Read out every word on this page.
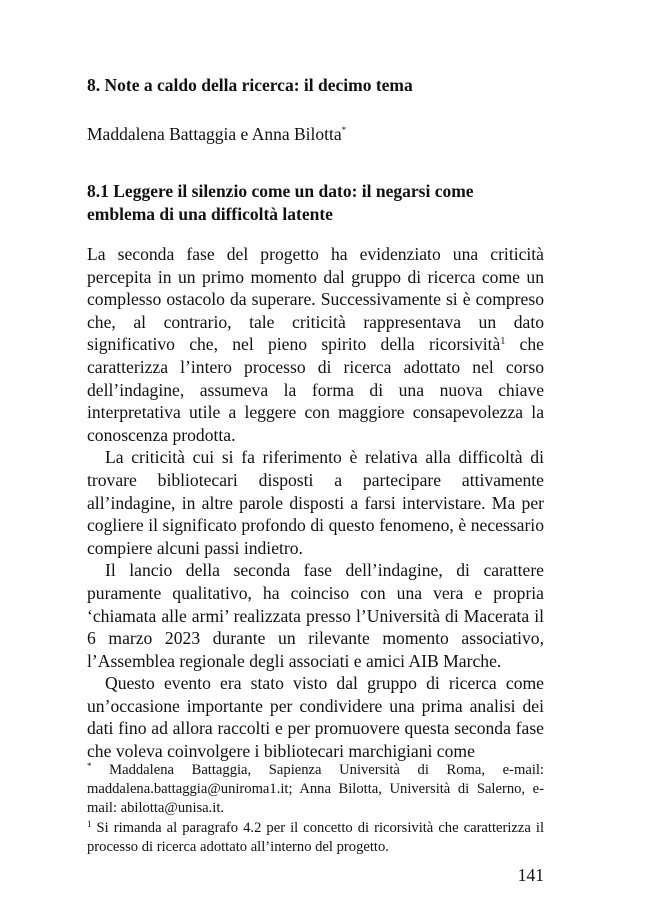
8. Note a caldo della ricerca: il decimo tema

Maddalena Battaggia e Anna Bilotta*

8.1 Leggere il silenzio come un dato: il negarsi come emblema di una difficoltà latente

La seconda fase del progetto ha evidenziato una criticità percepita in un primo momento dal gruppo di ricerca come un complesso ostacolo da superare. Successivamente si è compreso che, al contrario, tale criticità rappresentava un dato significativo che, nel pieno spirito della ricorsività$^1$ che caratterizza l’intero processo di ricerca adottato nel corso dell’indagine, assumeva la forma di una nuova chiave interpretativa utile a leggere con maggiore consapevolezza la conoscenza prodotta.

La criticità cui si fa riferimento è relativa alla difficoltà di trovare bibliotecari disposti a partecipare attivamente all’indagine, in altre parole disposti a farsi intervistare. Ma per cogliere il significato profondo di questo fenomeno, è necessario compiere alcuni passi indietro.

Il lancio della seconda fase dell’indagine, di carattere puramente qualitativo, ha coinciso con una vera e propria ‘chiamata alle armi’ realizzata presso l’Università di Macerata il 6 marzo 2023 durante un rilevante momento associativo, l’Assemblea regionale degli associati e amici AIB Marche.

Questo evento era stato visto dal gruppo di ricerca come un’occasione importante per condividere una prima analisi dei dati fino ad allora raccolti e per promuovere questa seconda fase che voleva coinvolgere i bibliotecari marchigiani come

* Maddalena Battaggia, Sapienza Università di Roma, e-mail: maddalena.battaggia@uniroma1.it; Anna Bilotta, Università di Salerno, e-mail: abilotta@unisa.it.

$^1$ Si rimanda al paragrafo 4.2 per il concetto di ricorsività che caratterizza il processo di ricerca adottato all’interno del progetto.

141
